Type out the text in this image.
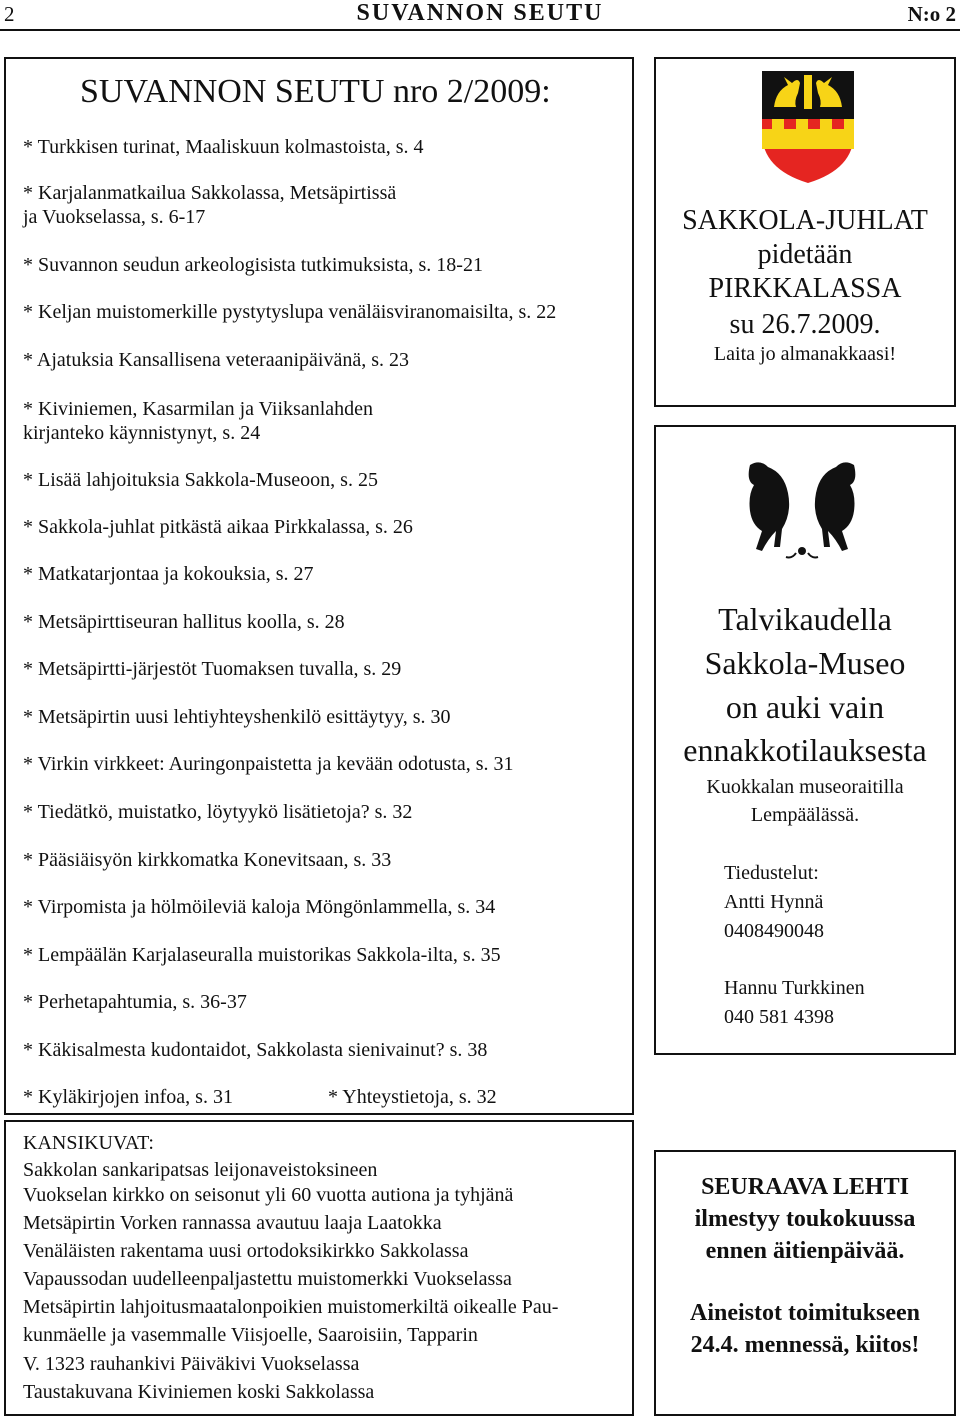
2	SUVANNON SEUTU	N:o 2
SUVANNON SEUTU nro 2/2009:
* Turkkisen turinat, Maaliskuun kolmastoista, s. 4
* Karjalanmatkailua Sakkolassa, Metsäpirtissä
ja Vuokselassa, s. 6-17
* Suvannon seudun arkeologisista tutkimuksista, s. 18-21
* Keljan muistomerkille pystytyslupa venäläisviranomaisilta, s. 22
* Ajatuksia Kansallisena veteraanipäivänä, s. 23
* Kiviniemen, Kasarmilan ja Viiksanlahden
kirjanteko käynnistynyt, s. 24
* Lisää lahjoituksia Sakkola-Museoon, s. 25
* Sakkola-juhlat pitkästä aikaa Pirkkalassa, s. 26
* Matkatarjontaa ja kokouksia, s. 27
* Metsäpirttiseuran hallitus koolla, s. 28
* Metsäpirtti-järjestöt Tuomaksen tuvalla, s. 29
* Metsäpirtin uusi lehtiyhteyshenkilö esittäytyy, s. 30
* Virkin virkkeet: Auringonpaistetta ja kevään odotusta, s. 31
* Tiedätkö, muistatko, löytyykö lisätietoja? s. 32
* Pääsiäisyön kirkkomatka Konevitsaan, s. 33
* Virpomista ja hölmöileviä kaloja Möngönlammella, s. 34
* Lempäälän Karjalaseuralla muistorikas Sakkola-ilta, s. 35
* Perhetapahtumia, s. 36-37
* Käkisalmesta kudontaidot, Sakkolasta sienivainut? s. 38
* Kyläkirjojen infoa, s. 31	* Yhteystietoja, s. 32
KANSIKUVAT:
Sakkolan sankaripatsas leijonaveistoksineen
Vuokselan kirkko on seisonut yli 60 vuotta autiona ja tyhjänä
Metsäpirtin Vorken rannassa avautuu laaja Laatokka
Venäläisten rakentama uusi ortodoksikirkko Sakkolassa
Vapaussodan uudelleenpaljastettu muistomerkki Vuokselassa
Metsäpirtin lahjoitusmaatalonpoikien muistomerkiltä oikealle Pau-
kunmäelle ja vasemmalle Viisjoelle, Saaroisiin, Tapparin
V. 1323 rauhankivi Päiväkivi Vuokselassa
Taustakuvana Kiviniemen koski Sakkolassa
SAKKOLA-JUHLAT
pidetään
PIRKKALASSA
su 26.7.2009.
Laita jo almanakkaasi!
Talvikaudella
Sakkola-Museo
on auki vain
ennakkotilauksesta
Kuokkalan museoraitilla
Lempäälässä.
Tiedustelut:
Antti Hynnä
0408490048
Hannu Turkkinen
040 581 4398
SEURAAVA LEHTI
ilmestyy toukokuussa
ennen äitienpäivää.
Aineistot toimitukseen
24.4. mennessä, kiitos!
